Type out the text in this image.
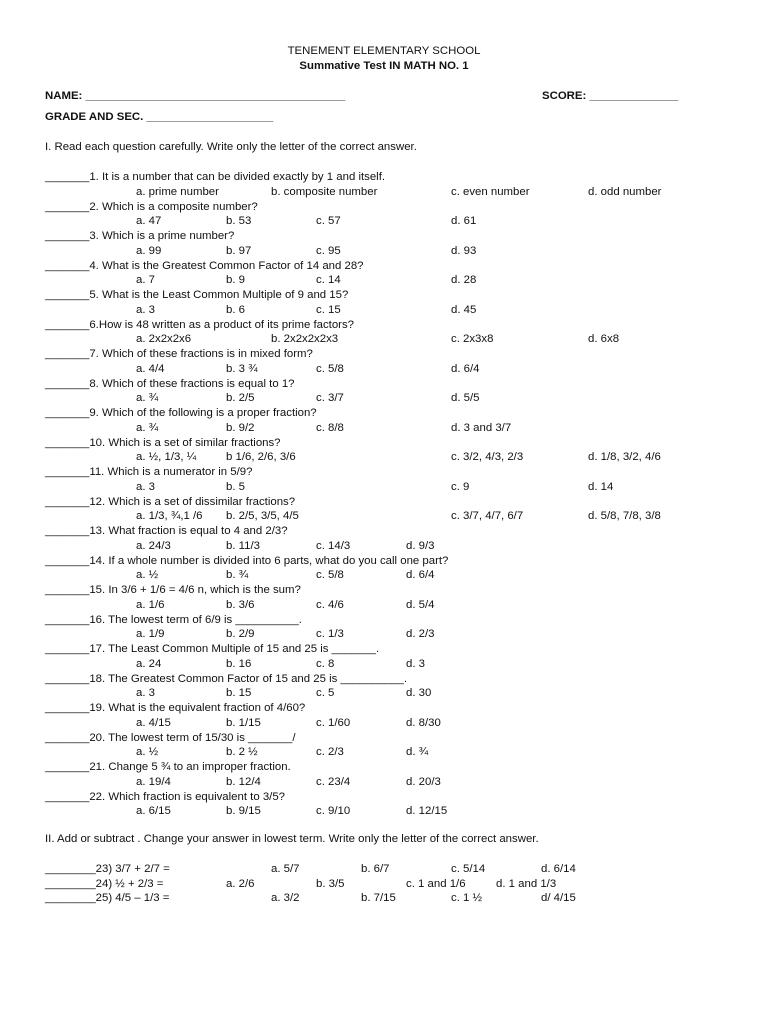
TENEMENT ELEMENTARY SCHOOL
Summative Test IN MATH NO. 1
NAME: _________________________________________	SCORE: ______________
GRADE AND SEC. ____________________
I. Read each question carefully. Write only the letter of the correct answer.
_______1. It is a number that can be divided exactly by 1 and itself.
a. prime number	b. composite number	c. even number	d. odd number
_______2. Which is a composite number?
a. 47	b. 53	c. 57	d. 61
_______3. Which is a prime number?
a. 99	b. 97	c. 95	d. 93
_______4. What is the Greatest Common Factor of 14 and 28?
a. 7	b. 9	c. 14	d. 28
_______5. What is the Least Common Multiple of 9 and 15?
a. 3	b. 6	c. 15	d. 45
_______6.How is 48 written as a product of its prime factors?
a. 2x2x2x6	b. 2x2x2x2x3	c. 2x3x8	d. 6x8
_______7. Which of these fractions is in mixed form?
a. 4/4	b. 3 ¾	c. 5/8	d. 6/4
_______8. Which of these fractions is equal to 1?
a. ¾	b. 2/5	c. 3/7	d. 5/5
_______9. Which of the following is a proper fraction?
a. ¾	b. 9/2	c. 8/8	d. 3 and 3/7
_______10. Which is a set of similar fractions?
a. ½, 1/3, ¼	b 1/6, 2/6, 3/6	c. 3/2, 4/3, 2/3	d. 1/8, 3/2, 4/6
_______11. Which is a numerator in 5/9?
a. 3	b. 5	c. 9	d. 14
_______12. Which is a set of dissimilar fractions?
a. 1/3, ¾,1 /6 b. 2/5, 3/5, 4/5	c. 3/7, 4/7, 6/7	d. 5/8, 7/8, 3/8
_______13. What fraction is equal to 4 and 2/3?
a. 24/3	b. 11/3	c. 14/3	d. 9/3
_______14. If a whole number is divided into 6 parts, what do you call one part?
a. ½	b. ¾	c. 5/8	d. 6/4
_______15. In 3/6 + 1/6 = 4/6 n, which is the sum?
a. 1/6	b. 3/6	c. 4/6	d. 5/4
_______16. The lowest term of 6/9 is __________.
a. 1/9	b. 2/9	c. 1/3	d. 2/3
_______17. The Least Common Multiple of 15 and 25 is _______.
a. 24	b. 16	c. 8	d. 3
_______18. The Greatest Common Factor of 15 and 25 is __________.
a. 3	b. 15	c. 5	d. 30
_______19. What is the equivalent fraction of 4/60?
a. 4/15	b. 1/15	c. 1/60	d. 8/30
_______20. The lowest term of 15/30 is _______/
a. ½	b. 2 ½	c. 2/3	d. ¾
_______21. Change 5 ¾ to an improper fraction.
a. 19/4	b. 12/4	c. 23/4	d. 20/3
_______22. Which fraction is equivalent to 3/5?
a. 6/15	b. 9/15	c. 9/10	d. 12/15
II. Add or subtract . Change your answer in lowest term. Write only the letter of the correct answer.
________23) 3/7 + 2/7 =	a. 5/7	b. 6/7	c. 5/14	d. 6/14
________24) ½ + 2/3 =	a. 2/6	b. 3/5	c. 1 and 1/6	d. 1 and 1/3
________25) 4/5 – 1/3 =	a. 3/2	b. 7/15	c. 1 ½	d/ 4/15
